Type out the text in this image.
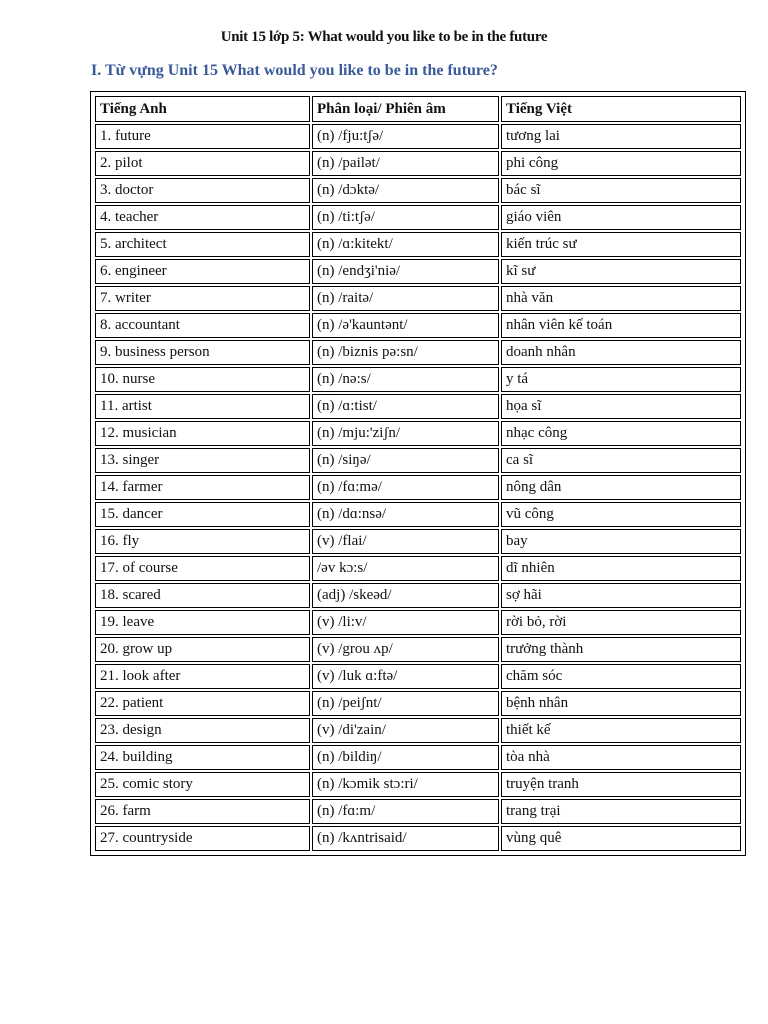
Unit 15 lớp 5: What would you like to be in the future
I. Từ vựng Unit 15 What would you like to be in the future?
Tiếng Anh	Phân loại/ Phiên âm	Tiếng Việt
1. future	(n) /fju:tʃə/	tương lai
2. pilot	(n) /pailət/	phi công
3. doctor	(n) /dɔktə/	bác sĩ
4. teacher	(n) /ti:tʃə/	giáo viên
5. architect	(n) /ɑ:kitekt/	kiến trúc sư
6. engineer	(n) /endʒi'niə/	kĩ sư
7. writer	(n) /raitə/	nhà văn
8. accountant	(n) /ə'kauntənt/	nhân viên kế toán
9. business person	(n) /biznis pə:sn/	doanh nhân
10. nurse	(n) /nə:s/	y tá
11. artist	(n) /ɑ:tist/	họa sĩ
12. musician	(n) /mju:'ziʃn/	nhạc công
13. singer	(n) /siŋə/	ca sĩ
14. farmer	(n) /fɑ:mə/	nông dân
15. dancer	(n) /dɑ:nsə/	vũ công
16. fly	(v) /flai/	bay
17. of course	/əv kɔ:s/	dĩ nhiên
18. scared	(adj) /skeəd/	sợ hãi
19. leave	(v) /li:v/	rời bỏ, rời
20. grow up	(v) /grou ʌp/	trưởng thành
21. look after	(v) /luk ɑ:ftə/	chăm sóc
22. patient	(n) /peiʃnt/	bệnh nhân
23. design	(v) /di'zain/	thiết kế
24. building	(n) /bildiŋ/	tòa nhà
25. comic story	(n) /kɔmik stɔ:ri/	truyện tranh
26. farm	(n) /fɑ:m/	trang trại
27. countryside	(n) /kʌntrisaid/	vùng quê
